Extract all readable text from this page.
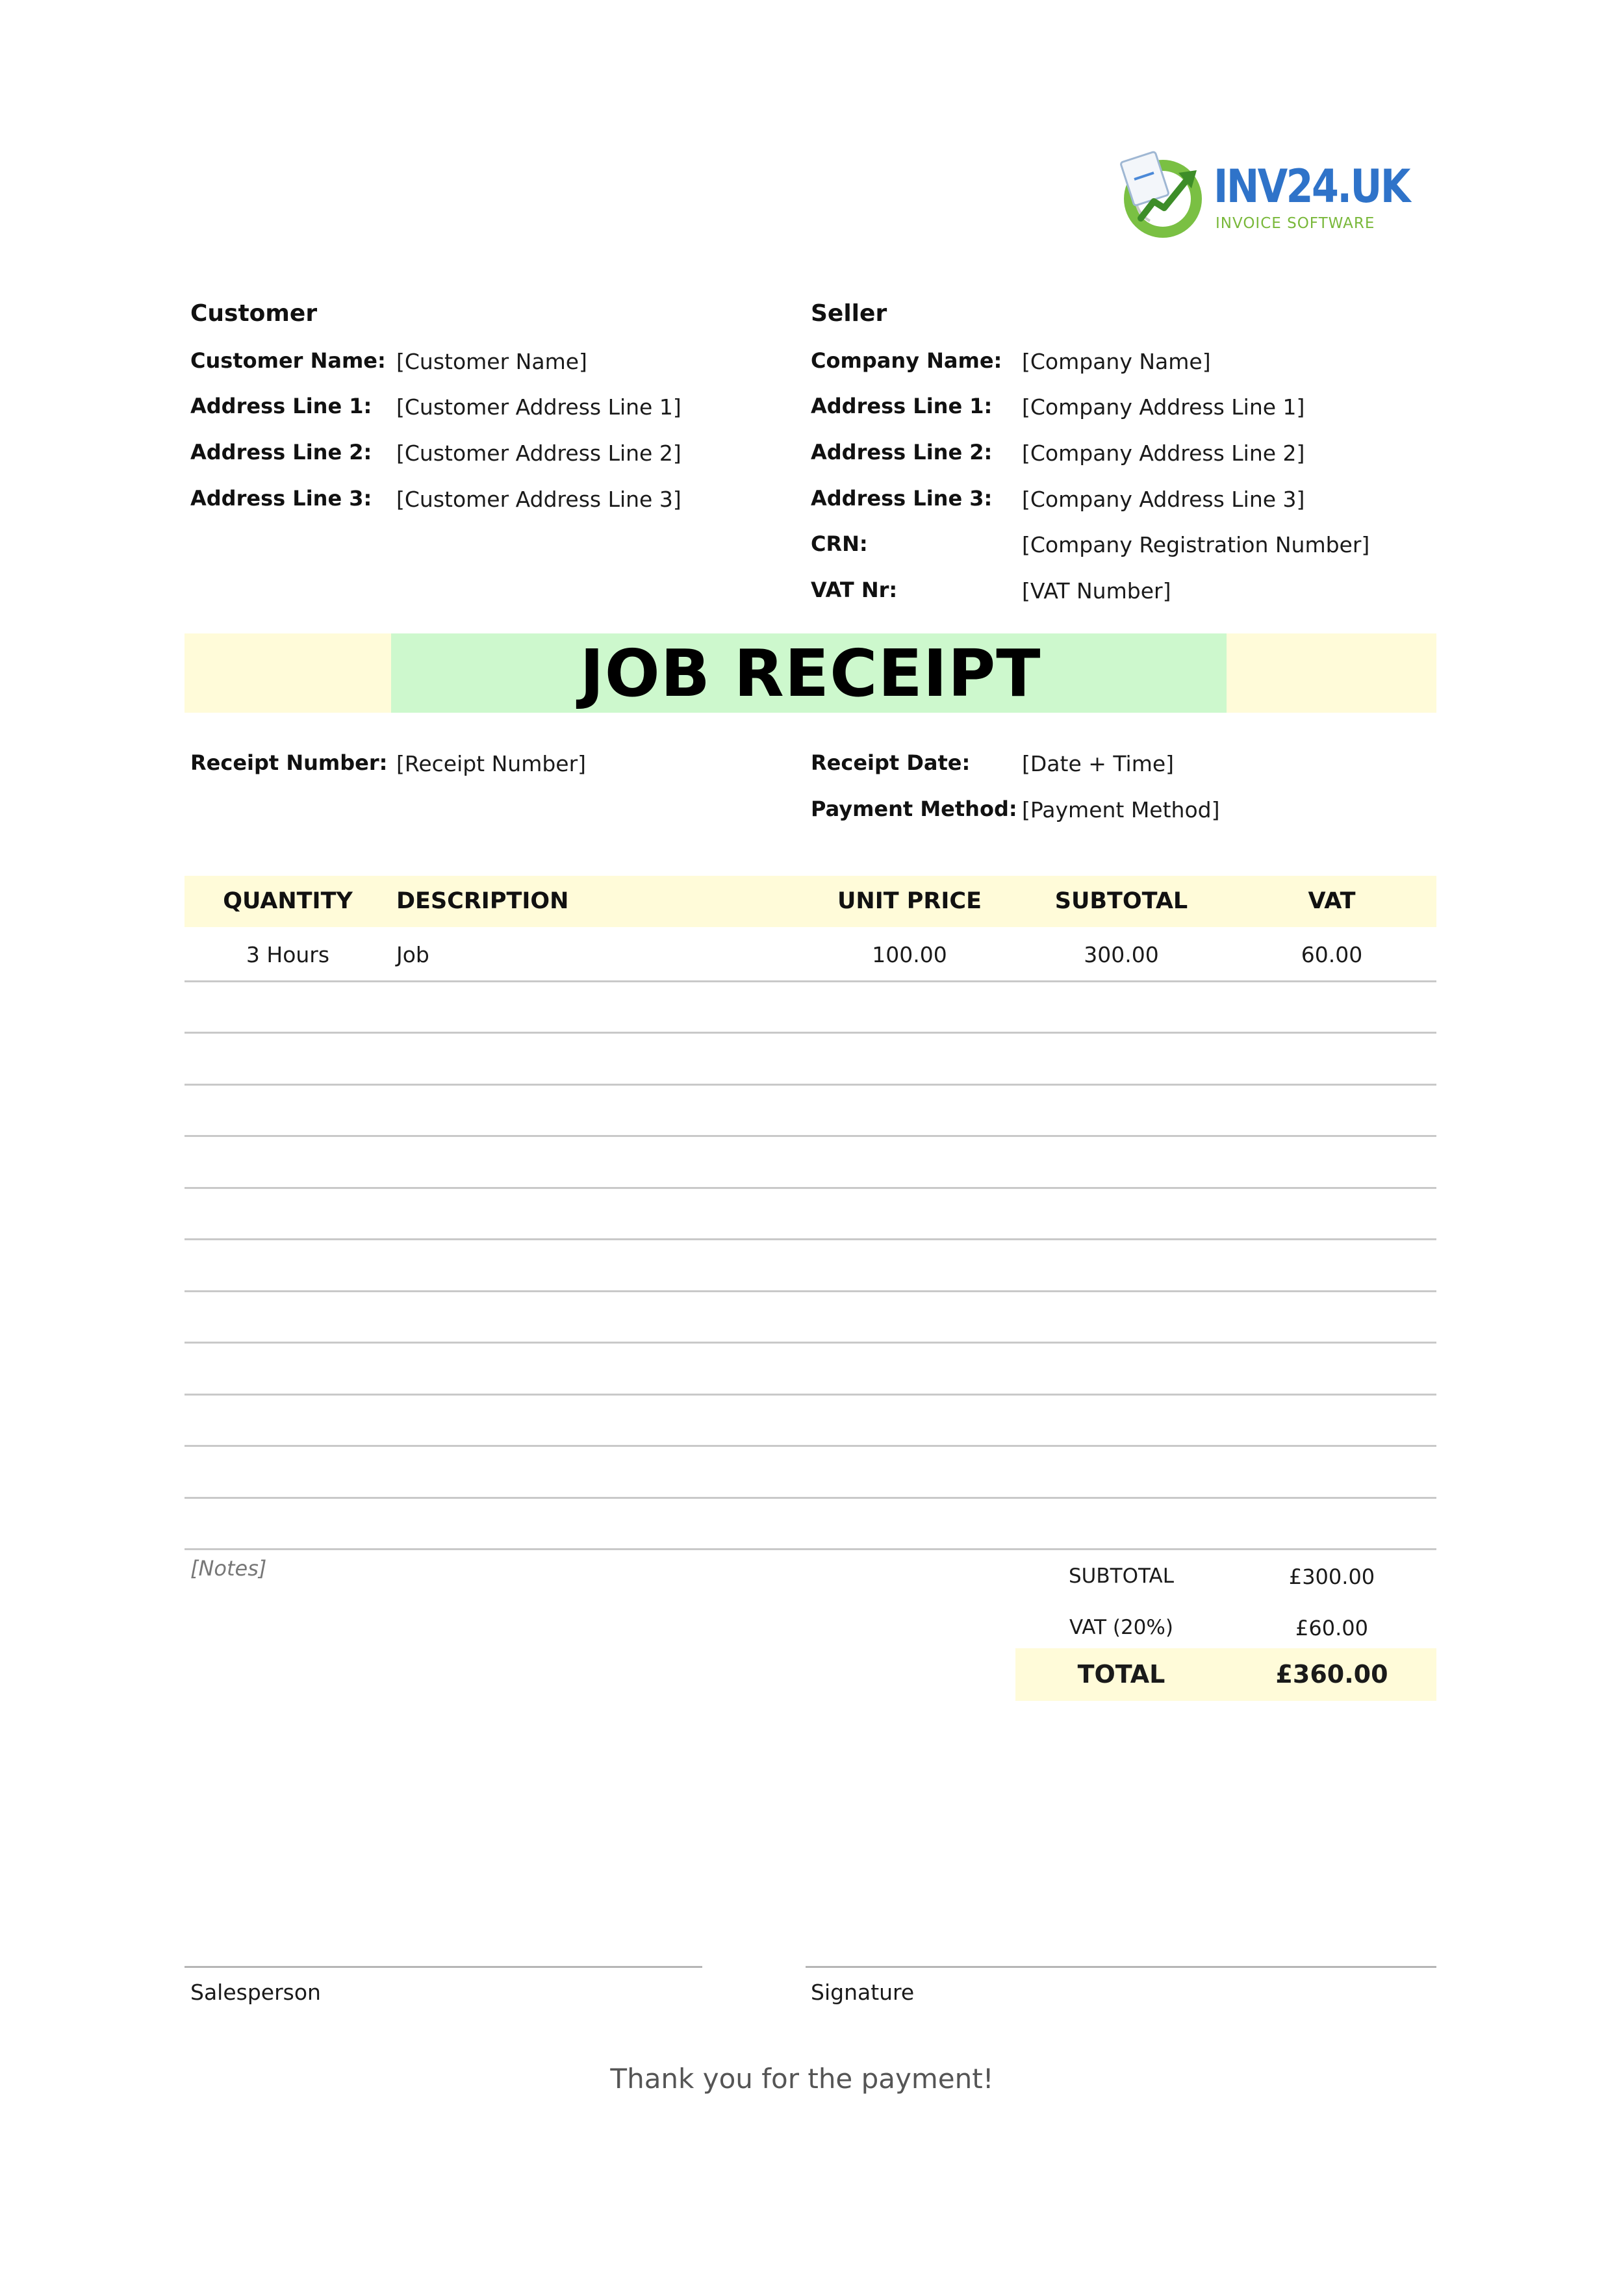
INV24.UK
INVOICE SOFTWARE
Customer
Customer Name: [Customer Name]
Address Line 1: [Customer Address Line 1]
Address Line 2: [Customer Address Line 2]
Address Line 3: [Customer Address Line 3]
Seller
Company Name: [Company Name]
Address Line 1: [Company Address Line 1]
Address Line 2: [Company Address Line 2]
Address Line 3: [Company Address Line 3]
CRN:	[Company Registration Number]
VAT Nr:	[VAT Number]
JOB RECEIPT
Receipt Number: [Receipt Number]	Receipt Date: [Date + Time]
Payment Method: [Payment Method]
QUANTITY DESCRIPTION	UNIT PRICE	SUBTOTAL	VAT
3 Hours	Job	100.00	300.00	60.00
[Notes]	SUBTOTAL	£300.00
VAT (20%)	£60.00
TOTAL	£360.00
Salesperson	Signature
Thank you for the payment!
